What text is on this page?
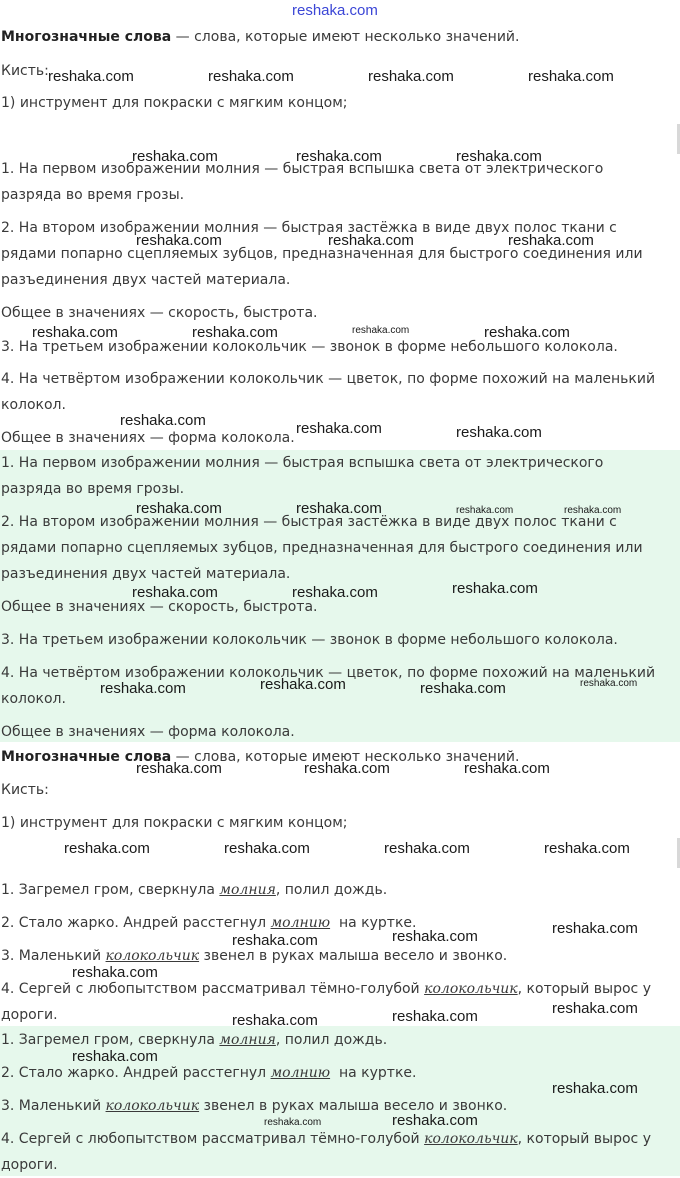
Многозначные слова — слова, которые имеют несколько значений.

Кисть:

1) инструмент для покраски с мягким концом;

1. На первом изображении молния — быстрая вспышка света от электрического

разряда во время грозы.

2. На втором изображении молния — быстрая застёжка в виде двух полос ткани с

рядами попарно сцепляемых зубцов, предназначенная для быстрого соединения или

разъединения двух частей материала.

Общее в значениях — скорость, быстрота.

3. На третьем изображении колокольчик — звонок в форме небольшого колокола.

4. На четвёртом изображении колокольчик — цветок, по форме похожий на маленький

колокол.

Общее в значениях — форма колокола.

1. На первом изображении молния — быстрая вспышка света от электрического

разряда во время грозы.

2. На втором изображении молния — быстрая застёжка в виде двух полос ткани с

рядами попарно сцепляемых зубцов, предназначенная для быстрого соединения или

разъединения двух частей материала.

Общее в значениях — скорость, быстрота.

3. На третьем изображении колокольчик — звонок в форме небольшого колокола.

4. На четвёртом изображении колокольчик — цветок, по форме похожий на маленький

колокол.

Общее в значениях — форма колокола.

Многозначные слова — слова, которые имеют несколько значений.

Кисть:

1) инструмент для покраски с мягким концом;

1. Загремел гром, сверкнула молния, полил дождь.

2. Стало жарко. Андрей расстегнул молнию  на куртке.

3. Маленький колокольчик звенел в руках малыша весело и звонко.

4. Сергей с любопытством рассматривал тёмно-голубой колокольчик, который вырос у

дороги.

1. Загремел гром, сверкнула молния, полил дождь.

2. Стало жарко. Андрей расстегнул молнию  на куртке.

3. Маленький колокольчик звенел в руках малыша весело и звонко.

4. Сергей с любопытством рассматривал тёмно-голубой колокольчик, который вырос у

дороги.

reshaka.com
reshaka.com	reshaka.com	reshaka.com	reshaka.com
reshaka.com	reshaka.com	reshaka.com
reshaka.com	reshaka.com	reshaka.com
reshaka.com	reshaka.com	reshaka.com	reshaka.com
reshaka.com	reshaka.com	reshaka.com
reshaka.com	reshaka.com	reshaka.com	reshaka.com
reshaka.com	reshaka.com	reshaka.com
reshaka.com	reshaka.com	reshaka.com	reshaka.com
reshaka.com	reshaka.com	reshaka.com
reshaka.com	reshaka.com	reshaka.com	reshaka.com
reshaka.com	reshaka.com	reshaka.com
reshaka.com
reshaka.com	reshaka.com	reshaka.com
reshaka.com
reshaka.com
reshaka.com	reshaka.com
